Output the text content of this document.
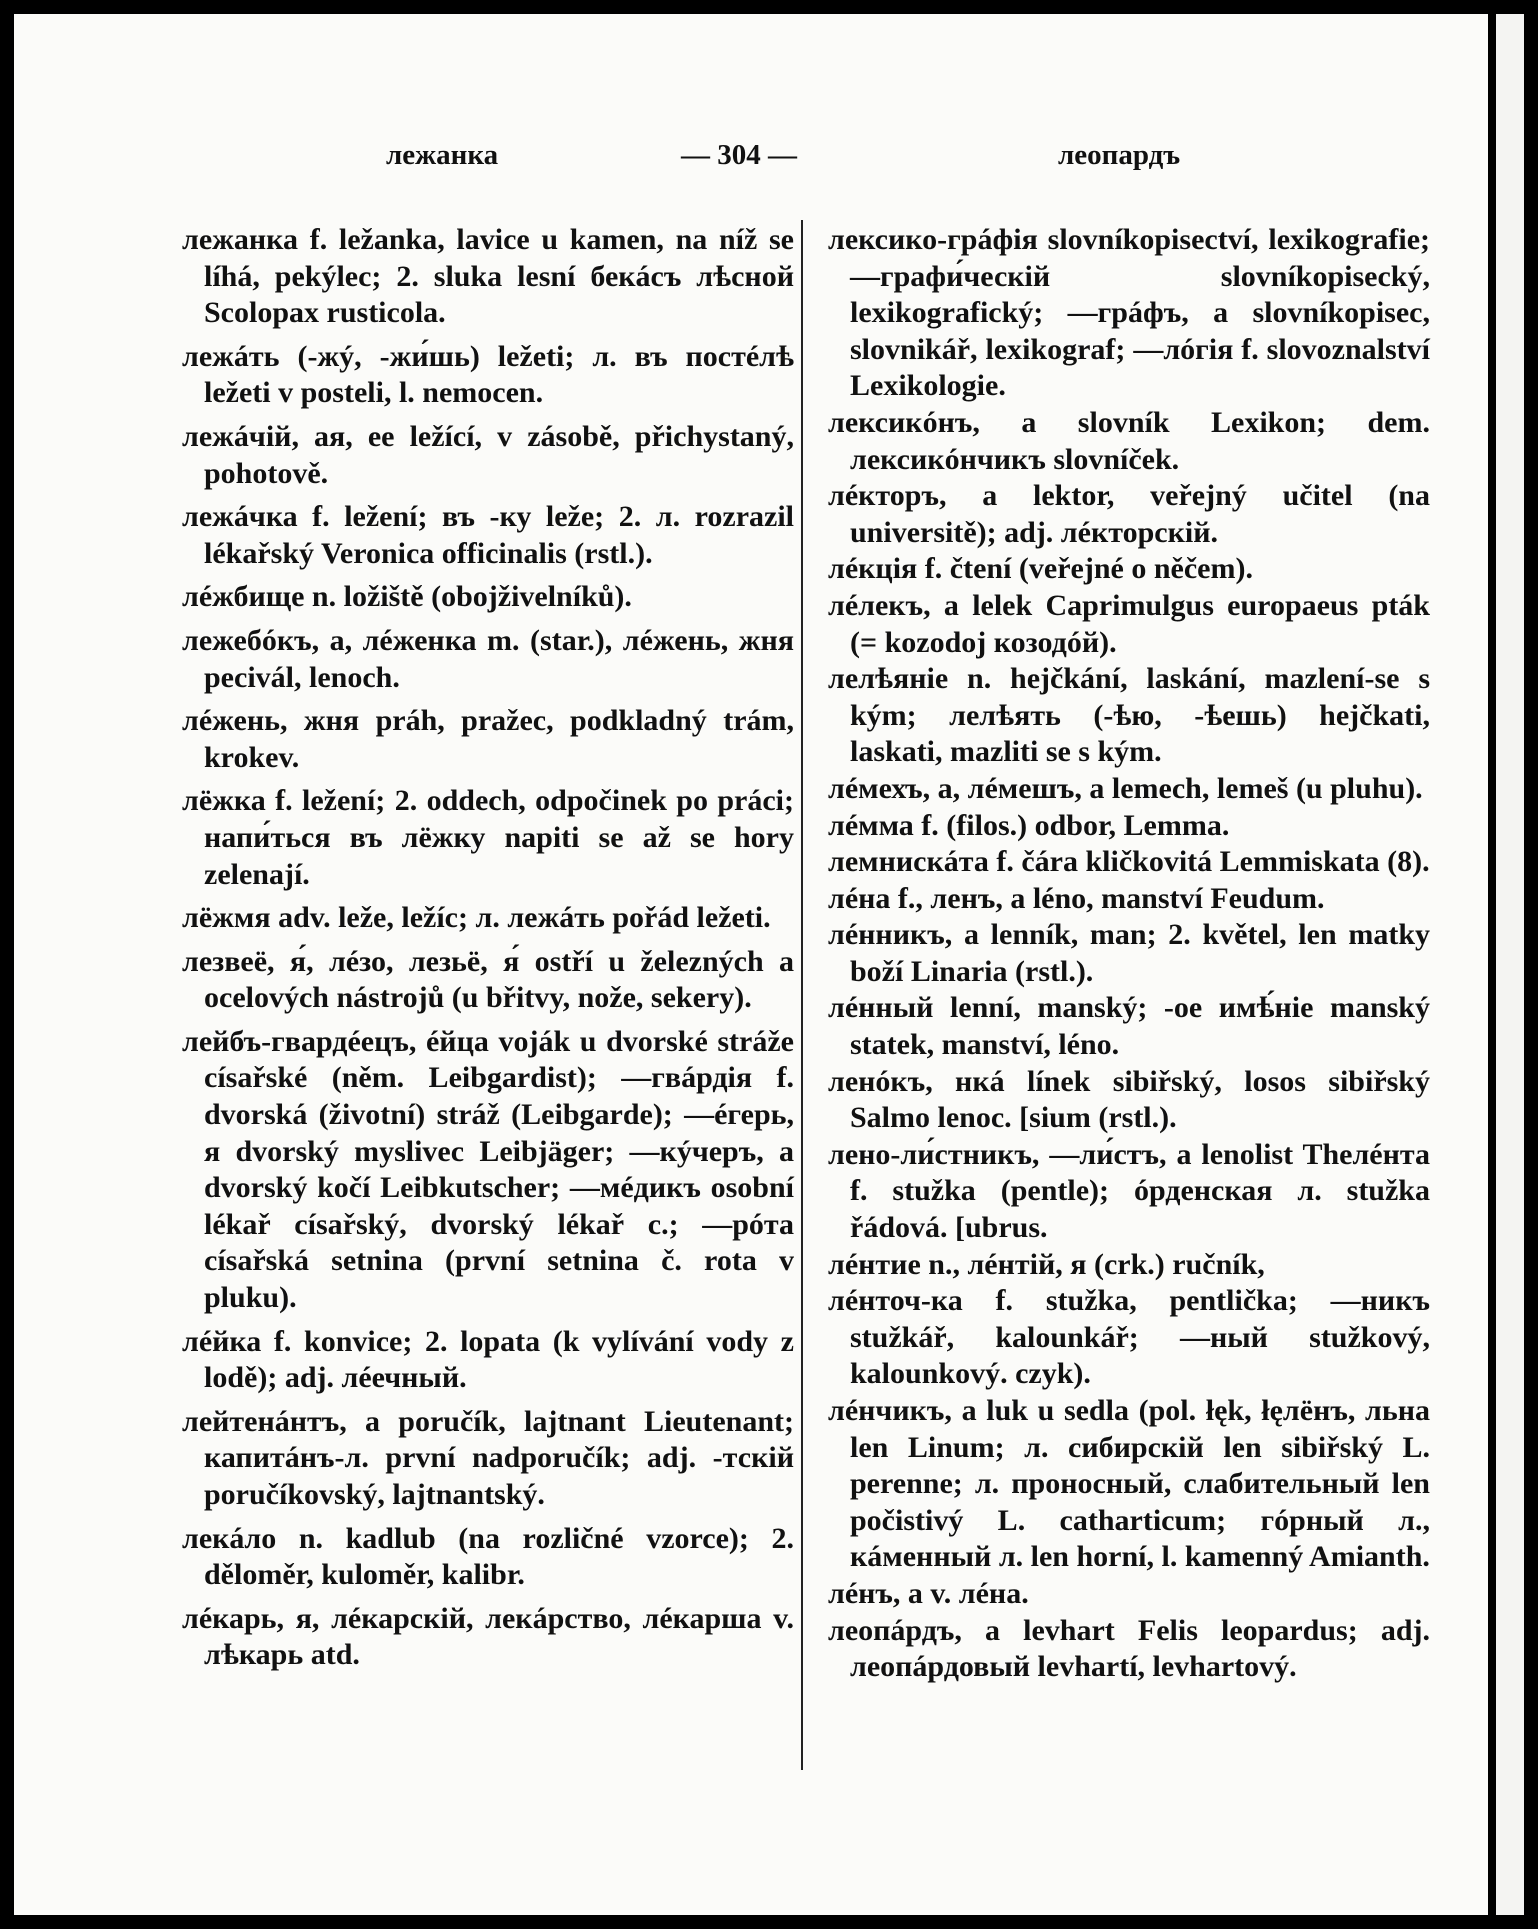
лежанка	— 304 —	леопардъ

лежанка f. ležanka, lavice u kamen, na níž se líhá, pekýlec; 2. sluka lesní бекáсъ лѣсной Scolopax rusticola.

лежáть (-жý, -жи́шь) ležeti; л. въ постéлѣ ležeti v posteli, l. nemocen.

лежáчій, ая, ее ležící, v zásobě, přichystaný, pohotově.

лежáчка f. ležení; въ -ку leže; 2. л. rozrazil lékařský Veronica officinalis (rstl.).

лéжбище n. ložiště (obojživelníků).

лежебóкъ, а, лéженка m. (star.), лéжень, жня pecivál, lenoch.

лéжень, жня práh, pražec, podkladný trám, krokev.

лёжка f. ležení; 2. oddech, odpočinek po práci; напи́ться въ лёжку napiti se až se hory zelenají.

лёжмя adv. leže, ležíc; л. лежáть pořád ležeti.

лезвеё, я́, лéзо, лезьё, я́ ostří u železných a ocelových nástrojů (u břitvy, nože, sekery).

лейбъ-гвардéецъ, éйца voják u dvorské stráže císařské (něm. Leibgardist); —гвáрдія f. dvorská (životní) stráž (Leibgarde); —éгерь, я dvorský myslivec Leibjäger; —кýчеръ, a dvorský kočí Leibkutscher; —мéдикъ osobní lékař císařský, dvorský lékař c.; —póта císařská setnina (první setnina č. rota v pluku).

лéйка f. konvice; 2. lopata (k vylívání vody z lodě); adj. лéечный.

лейтенáнтъ, a poručík, lajtnant Lieutenant; капитáнъ-л. první nadporučík; adj. -тскій poručíkovský, lajtnantský.

лекáло n. kadlub (na rozličné vzorce); 2. děloměr, kuloměr, kalibr.

лéкарь, я, лéкарскій, лекáрство, лéкарша v. лѣкарь atd.

лексико-грáфія slovníkopisectví, lexikografie; —графи́ческій slovníkopisecký, lexikografický; —грáфъ, a slovníkopisec, slovnikář, lexikograf; —лóгія f. slovoznalství Lexikologie.

лексикóнъ, a slovník Lexikon; dem. лексикóнчикъ slovníček.

лéкторъ, a lektor, veřejný učitel (na universitě); adj. лéкторскій.

лéкція f. čtení (veřejné o něčem).

лéлекъ, a lelek Caprimulgus europaeus pták (= kozodoj козодóй).

лелѣяніе n. hejčkání, laskání, mazlení-se s kým; лелѣять (-ѣю, -ѣешь) hejčkati, laskati, mazliti se s kým.

лéмехъ, a, лéмешъ, a lemech, lemeš (u pluhu).

лéмма f. (filos.) odbor, Lemma.

лемнискáта f. čára kličkovitá Lemmiskata (8).

лéна f., ленъ, a léno, manství Feudum.

лéнникъ, a lenník, man; 2. květel, len matky boží Linaria (rstl.).

лéнный lenní, manský; -ое имѣ́ніе manský statek, manství, léno.

ленóкъ, нкá línek sibiřský, losos sibiřský Salmo lenoc. [sium (rstl.).

лено-ли́стникъ, —ли́стъ, a lenolist Theлéнта f. stužka (pentle); óрденская л. stužka řádová. [ubrus.

лéнтие n., лéнтій, я (crk.) ručník,

лéнточ-ка f. stužka, pentlička; —никъ stužkář, kalounkář; —ный stužkový, kalounkový. czyk).

лéнчикъ, a luk u sedla (pol. łęk, łęлёнъ, льна len Linum; л. сибирскій len sibiřský L. perenne; л. проносный, слабительный len počistivý L. catharticum; гóрный л., кáменный л. len horní, l. kamenný Amianth.

лéнъ, a v. лéна.

леопáрдъ, a levhart Felis leopardus; adj. леопáрдовый levhartí, levhartový.
